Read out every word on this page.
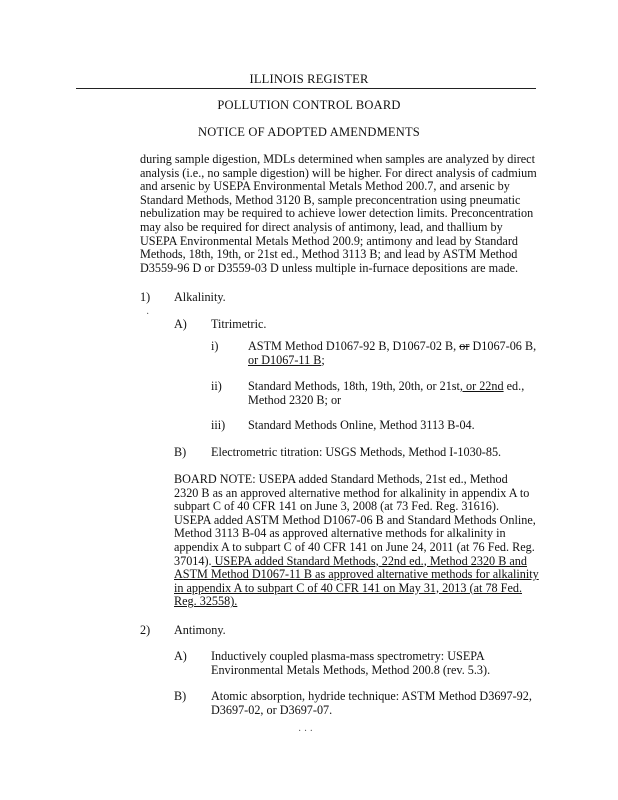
ILLINOIS REGISTER
POLLUTION CONTROL BOARD
NOTICE OF ADOPTED AMENDMENTS
during sample digestion, MDLs determined when samples are analyzed by direct
analysis (i.e., no sample digestion) will be higher. For direct analysis of cadmium
and arsenic by USEPA Environmental Metals Method 200.7, and arsenic by
Standard Methods, Method 3120 B, sample preconcentration using pneumatic
nebulization may be required to achieve lower detection limits. Preconcentration
may also be required for direct analysis of antimony, lead, and thallium by
USEPA Environmental Metals Method 200.9; antimony and lead by Standard
Methods, 18th, 19th, or 21st ed., Method 3113 B; and lead by ASTM Method
D3559-96 D or D3559-03 D unless multiple in-furnace depositions are made.
1) Alkalinity.
·
A) Titrimetric.
i) ASTM Method D1067-92 B, D1067-02 B, or D1067-06 B,
or D1067-11 B;
ii) Standard Methods, 18th, 19th, 20th, or 21st, or 22nd ed.,
Method 2320 B; or
iii) Standard Methods Online, Method 3113 B-04.
B) Electrometric titration: USGS Methods, Method I-1030-85.
BOARD NOTE: USEPA added Standard Methods, 21st ed., Method
2320 B as an approved alternative method for alkalinity in appendix A to
subpart C of 40 CFR 141 on June 3, 2008 (at 73 Fed. Reg. 31616).
USEPA added ASTM Method D1067-06 B and Standard Methods Online,
Method 3113 B-04 as approved alternative methods for alkalinity in
appendix A to subpart C of 40 CFR 141 on June 24, 2011 (at 76 Fed. Reg.
37014). USEPA added Standard Methods, 22nd ed., Method 2320 B and
ASTM Method D1067-11 B as approved alternative methods for alkalinity
in appendix A to subpart C of 40 CFR 141 on May 31, 2013 (at 78 Fed.
Reg. 32558).
2) Antimony.
A) Inductively coupled plasma-mass spectrometry: USEPA
Environmental Metals Methods, Method 200.8 (rev. 5.3).
B) Atomic absorption, hydride technique: ASTM Method D3697-92,
D3697-02, or D3697-07.
· · ·
